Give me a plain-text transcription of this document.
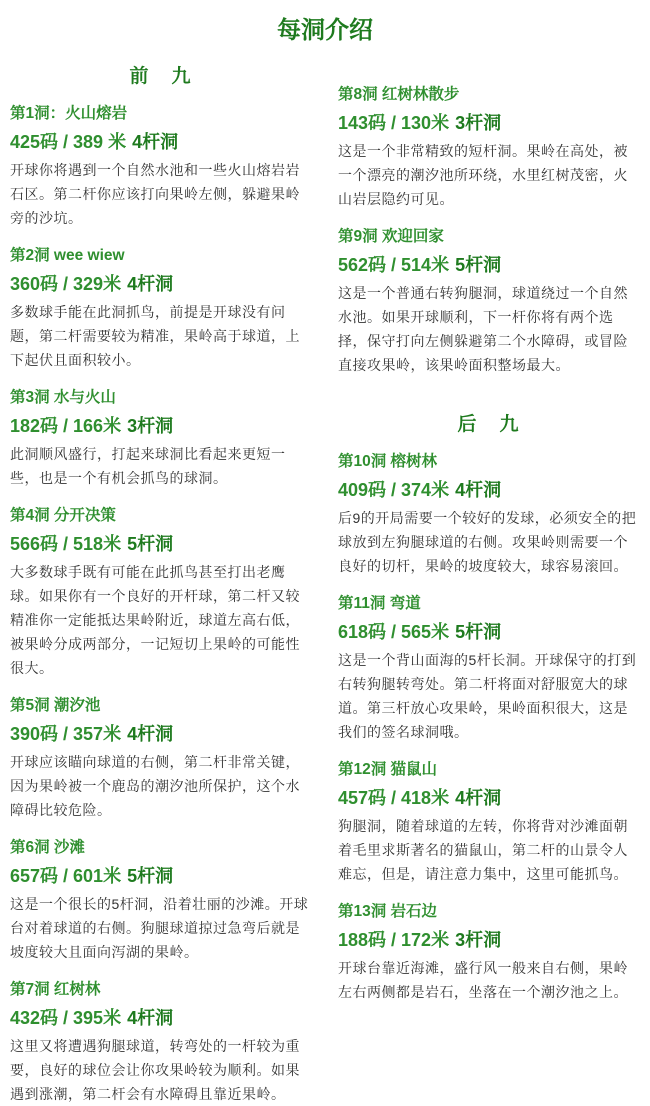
每洞介绍
前　九
第1洞：火山熔岩
425码 / 389 米 4杆洞
开球你将遇到一个自然水池和一些火山熔岩岩石区。第二杆你应该打向果岭左侧，躲避果岭旁的沙坑。
第2洞 wee wiew
360码 / 329米 4杆洞
多数球手能在此洞抓鸟，前提是开球没有问题，第二杆需要较为精准，果岭高于球道，上下起伏且面积较小。
第3洞 水与火山
182码 / 166米 3杆洞
此洞顺风盛行，打起来球洞比看起来更短一些，也是一个有机会抓鸟的球洞。
第4洞 分开决策
566码 / 518米 5杆洞
大多数球手既有可能在此抓鸟甚至打出老鹰球。如果你有一个良好的开杆球，第二杆又较精准你一定能抵达果岭附近，球道左高右低，被果岭分成两部分，一记短切上果岭的可能性很大。
第5洞 潮汐池
390码 / 357米 4杆洞
开球应该瞄向球道的右侧，第二杆非常关键，因为果岭被一个鹿岛的潮汐池所保护，这个水障碍比较危险。
第6洞 沙滩
657码 / 601米 5杆洞
这是一个很长的5杆洞，沿着壮丽的沙滩。开球台对着球道的右侧。狗腿球道掠过急弯后就是坡度较大且面向泻湖的果岭。
第7洞 红树林
432码 / 395米 4杆洞
这里又将遭遇狗腿球道，转弯处的一杆较为重要，良好的球位会让你攻果岭较为顺利。如果遇到涨潮，第二杆会有水障碍且靠近果岭。
第8洞 红树林散步
143码 / 130米 3杆洞
这是一个非常精致的短杆洞。果岭在高处，被一个漂亮的潮汐池所环绕，水里红树茂密，火山岩层隐约可见。
第9洞 欢迎回家
562码 / 514米 5杆洞
这是一个普通右转狗腿洞，球道绕过一个自然水池。如果开球顺利，下一杆你将有两个选择，保守打向左侧躲避第二个水障碍，或冒险直接攻果岭，该果岭面积整场最大。
后　九
第10洞 榕树林
409码 / 374米 4杆洞
后9的开局需要一个较好的发球，必须安全的把球放到左狗腿球道的右侧。攻果岭则需要一个良好的切杆，果岭的坡度较大，球容易滚回。
第11洞 弯道
618码 / 565米 5杆洞
这是一个背山面海的5杆长洞。开球保守的打到右转狗腿转弯处。第二杆将面对舒服宽大的球道。第三杆放心攻果岭，果岭面积很大，这是我们的签名球洞哦。
第12洞 猫鼠山
457码 / 418米 4杆洞
狗腿洞，随着球道的左转，你将背对沙滩面朝着毛里求斯著名的猫鼠山，第二杆的山景令人难忘，但是，请注意力集中，这里可能抓鸟。
第13洞 岩石边
188码 / 172米 3杆洞
开球台靠近海滩，盛行风一般来自右侧，果岭左右两侧都是岩石，坐落在一个潮汐池之上。
